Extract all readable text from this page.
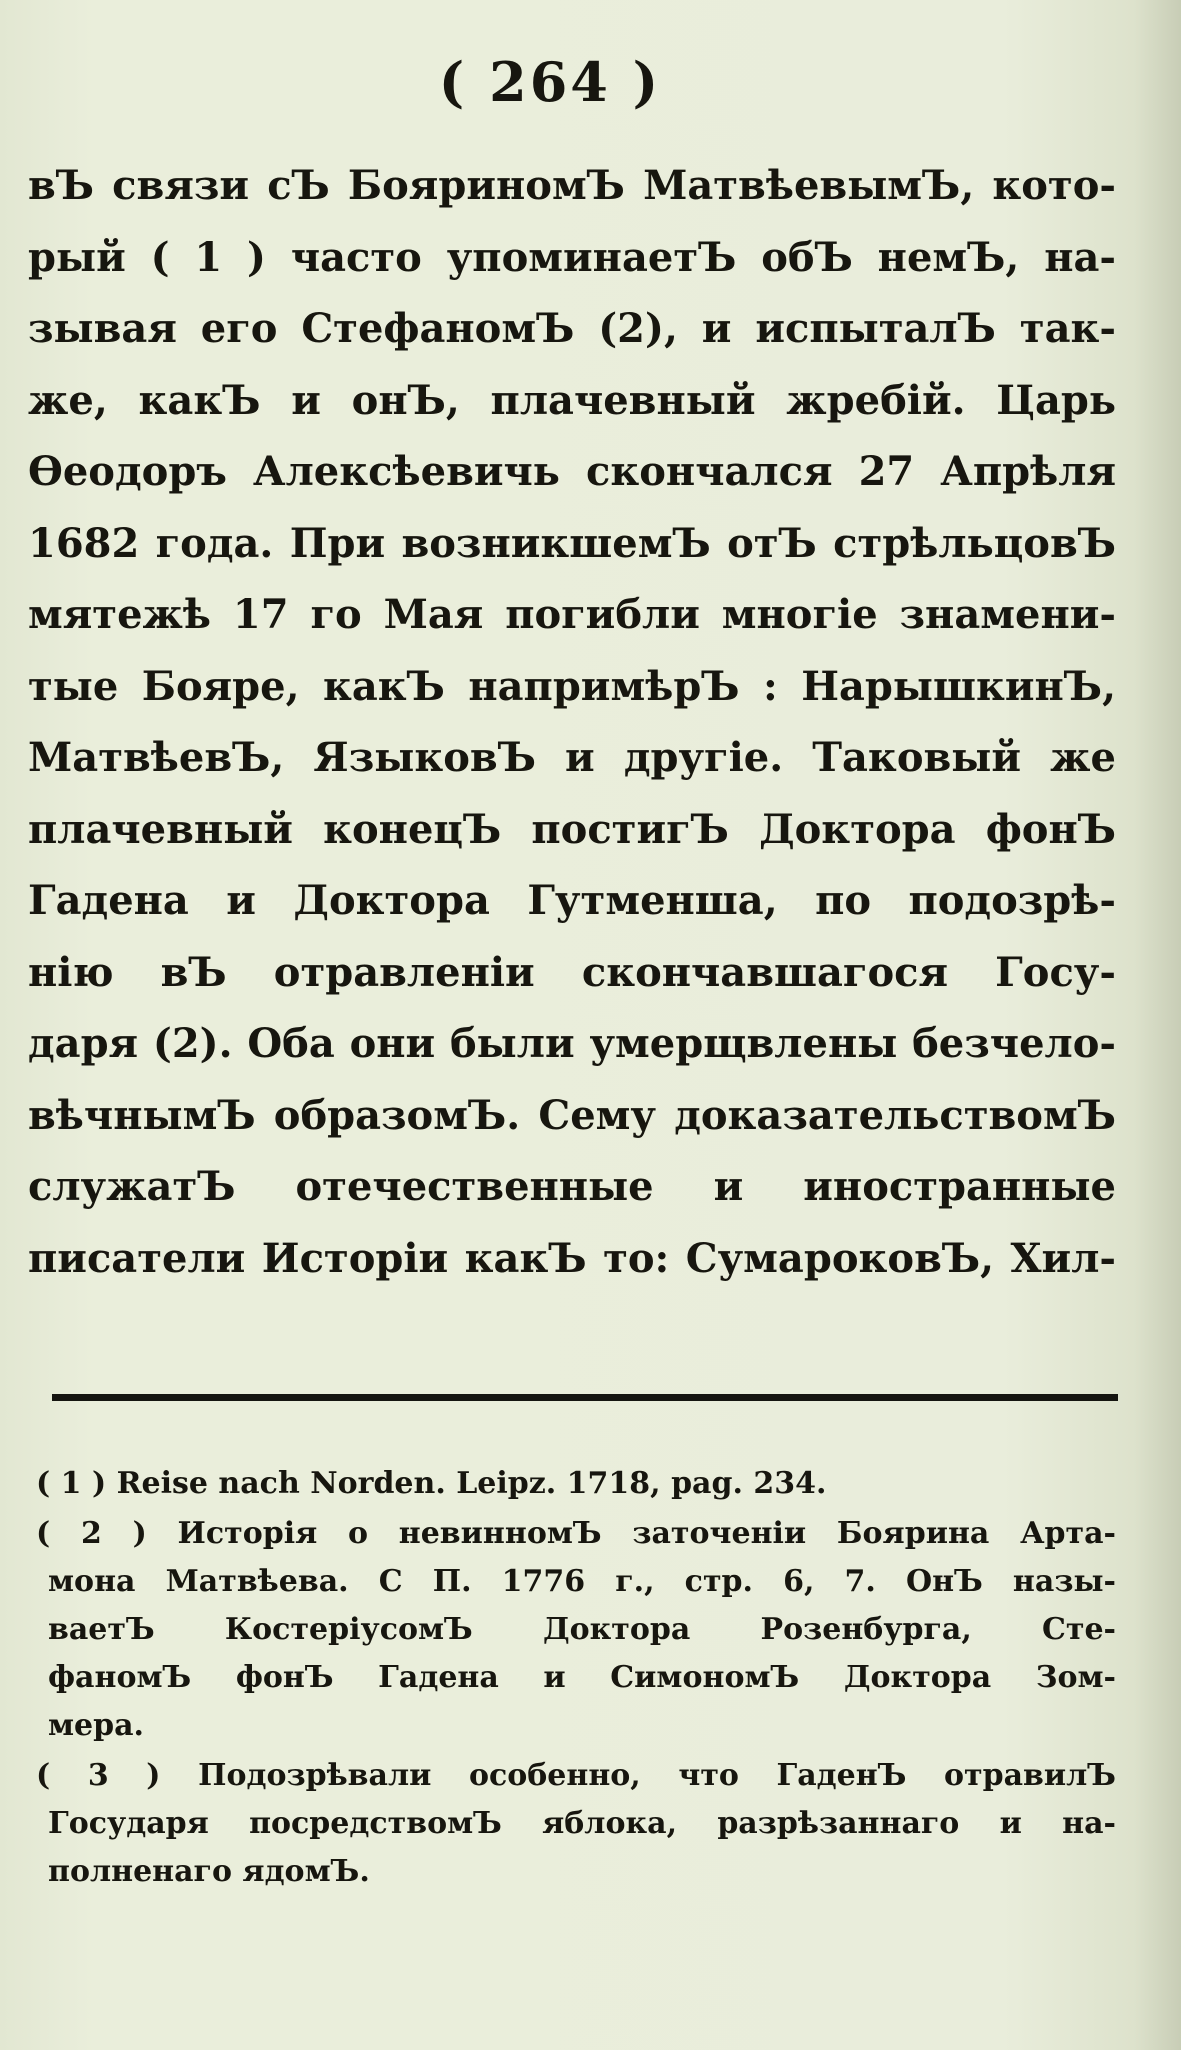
( 264 )
вЪ связи сЪ БояриномЪ МатвѣевымЪ, кото-
рый ( 1 ) часто упоминаетЪ обЪ немЪ, на-
зывая его СтефаномЪ (2), и испыталЪ так-
же, какЪ и онЪ, плачевный жребій. Царь
Ѳеодоръ Алексѣевичь скончался 27 Апрѣля
1682 года. При возникшемЪ отЪ стрѣльцовЪ
мятежѣ 17 го Мая погибли многіе знамени-
тые Бояре, какЪ напримѣрЪ : НарышкинЪ,
МатвѣевЪ, ЯзыковЪ и другіе. Таковый же
плачевный конецЪ постигЪ Доктора фонЪ
Гадена и Доктора Гутменша, по подозрѣ-
нію вЪ отравленіи скончавшагося Госу-
даря (2). Оба они были умерщвлены безчело-
вѣчнымЪ образомЪ. Сему доказательствомЪ
служатЪ отечественные и иностранные
писатели Исторіи какЪ то: СумароковЪ, Хил-
( 1 ) Reise nach Norden. Leipz. 1718, pag. 234.
( 2 ) Исторія о невинномЪ заточеніи Боярина Арта-
мона Матвѣева. С П. 1776 г., стр. 6, 7. ОнЪ назы-
ваетЪ КостеріусомЪ Доктора Розенбурга, Сте-
фаномЪ фонЪ Гадена и СимономЪ Доктора Зом-
мера.
( 3 ) Подозрѣвали особенно, что ГаденЪ отравилЪ
Государя посредствомЪ яблока, разрѣзаннаго и на-
полненаго ядомЪ.
